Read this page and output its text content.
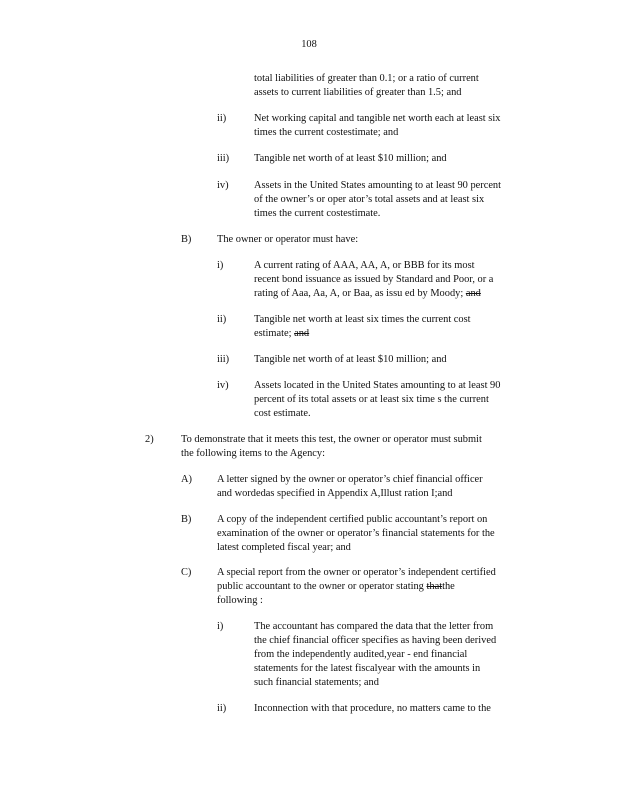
108
total liabilities of greater than 0.1; or a ratio of current
assets to current liabilities of greater than 1.5; and
ii)	Net working capital and tangible net worth each at least six
times the current costestimate; and
iii) Tangible net worth of at least $10 million; and
iv) Assets in the United States amounting to at least 90 percent
of the owner’s or oper ator’s total assets and at least six
times the current costestimate.
B) The owner or operator must have:
i)	A current rating of AAA, AA, A, or BBB for its most
recent bond issuance as issued by Standard and Poor, or a
rating of Aaa, Aa, A, or Baa, as issu ed by Moody; and
ii)	Tangible net worth at least six times the current cost
estimate; and
iii) Tangible net worth of at least $10 million; and
iv) Assets located in the United States amounting to at least 90
percent of its total assets or at least six time s the current
cost estimate.
2)	To demonstrate that it meets this test, the owner or operator must submit
the following items to the Agency:
A) A letter signed by the owner or operator’s chief financial officer
and wordedas specified in Appendix A,Illust ration I;and
B) A copy of the independent certified public accountant’s report on
examination of the owner or operator’s financial statements for the
latest completed fiscal year; and
C) A special report from the owner or operator’s independent certified
public accountant to the owner or operator stating thatthe
following :
i)	The accountant has compared the data that the letter from
the chief financial officer specifies as having been derived
from the independently audited,year - end financial
statements for the latest fiscalyear with the amounts in
such financial statements; and
ii)	Inconnection with that procedure, no matters came to the
